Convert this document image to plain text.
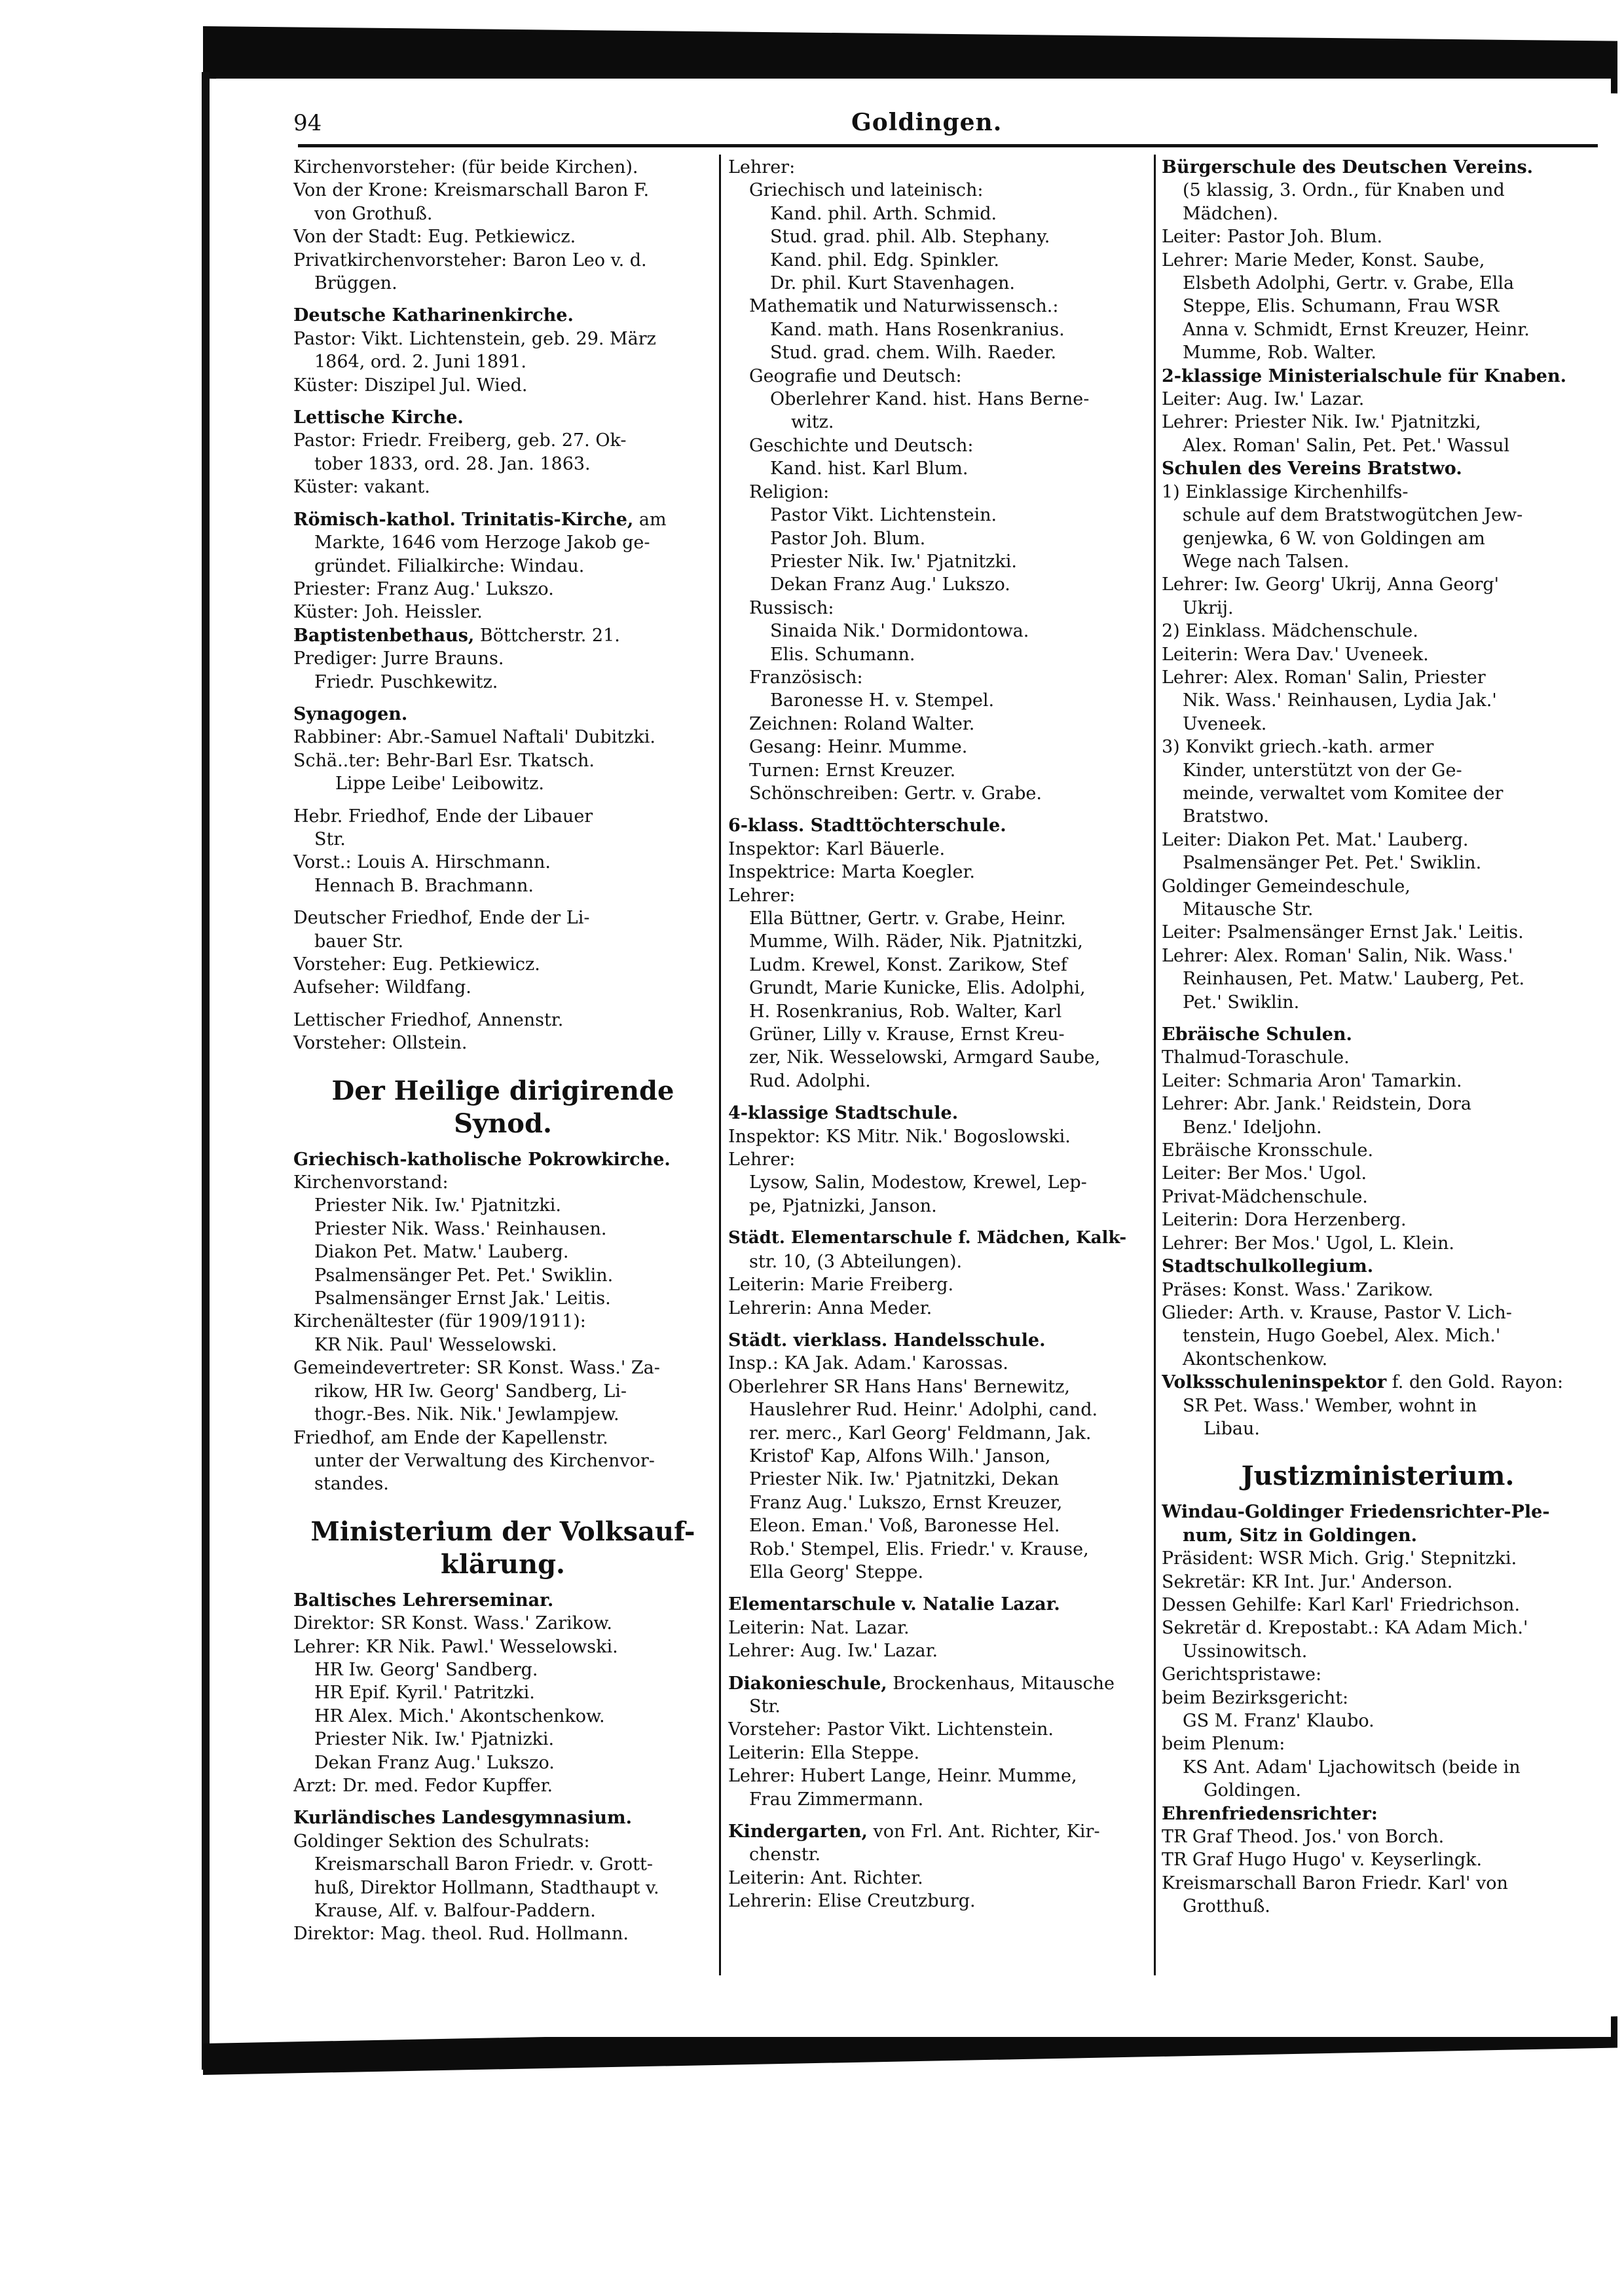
94	Goldingen.
Kirchenvorsteher: (für beide Kirchen).
Von der Krone: Kreismarschall Baron F.
von Grothuß.
Von der Stadt: Eug. Petkiewicz.
Privatkirchenvorsteher: Baron Leo v. d.
Brüggen.
Deutsche Katharinenkirche.
Pastor: Vikt. Lichtenstein, geb. 29. März
1864, ord. 2. Juni 1891.
Küster: Diszipel Jul. Wied.
Lettische Kirche.
Pastor: Friedr. Freiberg, geb. 27. Ok-
tober 1833, ord. 28. Jan. 1863.
Küster: vakant.
Römisch-kathol. Trinitatis-Kirche, am
Markte, 1646 vom Herzoge Jakob ge-
gründet. Filialkirche: Windau.
Priester: Franz Aug.' Lukszo.
Küster: Joh. Heissler.
Baptistenbethaus, Böttcherstr. 21.
Prediger: Jurre Brauns.
Friedr. Puschkewitz.
Synagogen.
Rabbiner: Abr.-Samuel Naftali' Dubitzki.
Schä..ter: Behr-Barl Esr. Tkatsch.
Lippe Leibe' Leibowitz.
Hebr. Friedhof, Ende der Libauer
Str.
Vorst.: Louis A. Hirschmann.
Hennach B. Brachmann.
Deutscher Friedhof, Ende der Li-
bauer Str.
Vorsteher: Eug. Petkiewicz.
Aufseher: Wildfang.
Lettischer Friedhof, Annenstr.
Vorsteher: Ollstein.
Der Heilige dirigirende Synod.
Griechisch-katholische Pokrowkirche.
Kirchenvorstand:
Priester Nik. Iw.' Pjatnitzki.
Priester Nik. Wass.' Reinhausen.
Diakon Pet. Matw.' Lauberg.
Psalmensänger Pet. Pet.' Swiklin.
Psalmensänger Ernst Jak.' Leitis.
Kirchenältester (für 1909/1911):
KR Nik. Paul' Wesselowski.
Gemeindevertreter: SR Konst. Wass.' Za-
rikow, HR Iw. Georg' Sandberg, Li-
thogr.-Bes. Nik. Nik.' Jewlampjew.
Friedhof, am Ende der Kapellenstr.
unter der Verwaltung des Kirchenvor-
standes.
Ministerium der Volksauf-klärung.
Baltisches Lehrerseminar.
Direktor: SR Konst. Wass.' Zarikow.
Lehrer: KR Nik. Pawl.' Wesselowski.
HR Iw. Georg' Sandberg.
HR Epif. Kyril.' Patritzki.
HR Alex. Mich.' Akontschenkow.
Priester Nik. Iw.' Pjatnizki.
Dekan Franz Aug.' Lukszo.
Arzt: Dr. med. Fedor Kupffer.
Kurländisches Landesgymnasium.
Goldinger Sektion des Schulrats:
Kreismarschall Baron Friedr. v. Grott-
huß, Direktor Hollmann, Stadthaupt v.
Krause, Alf. v. Balfour-Paddern.
Direktor: Mag. theol. Rud. Hollmann.
Lehrer:
Griechisch und lateinisch:
Kand. phil. Arth. Schmid.
Stud. grad. phil. Alb. Stephany.
Kand. phil. Edg. Spinkler.
Dr. phil. Kurt Stavenhagen.
Mathematik und Naturwissensch.:
Kand. math. Hans Rosenkranius.
Stud. grad. chem. Wilh. Raeder.
Geografie und Deutsch:
Oberlehrer Kand. hist. Hans Berne-
witz.
Geschichte und Deutsch:
Kand. hist. Karl Blum.
Religion:
Pastor Vikt. Lichtenstein.
Pastor Joh. Blum.
Priester Nik. Iw.' Pjatnitzki.
Dekan Franz Aug.' Lukszo.
Russisch:
Sinaida Nik.' Dormidontowa.
Elis. Schumann.
Französisch:
Baronesse H. v. Stempel.
Zeichnen: Roland Walter.
Gesang: Heinr. Mumme.
Turnen: Ernst Kreuzer.
Schönschreiben: Gertr. v. Grabe.
6-klass. Stadttöchterschule.
Inspektor: Karl Bäuerle.
Inspektrice: Marta Koegler.
Lehrer:
Ella Büttner, Gertr. v. Grabe, Heinr.
Mumme, Wilh. Räder, Nik. Pjatnitzki,
Ludm. Krewel, Konst. Zarikow, Stef
Grundt, Marie Kunicke, Elis. Adolphi,
H. Rosenkranius, Rob. Walter, Karl
Grüner, Lilly v. Krause, Ernst Kreu-
zer, Nik. Wesselowski, Armgard Saube,
Rud. Adolphi.
4-klassige Stadtschule.
Inspektor: KS Mitr. Nik.' Bogoslowski.
Lehrer:
Lysow, Salin, Modestow, Krewel, Lep-
pe, Pjatnizki, Janson.
Städt. Elementarschule f. Mädchen, Kalk-
str. 10, (3 Abteilungen).
Leiterin: Marie Freiberg.
Lehrerin: Anna Meder.
Städt. vierklass. Handelsschule.
Insp.: KA Jak. Adam.' Karossas.
Oberlehrer SR Hans Hans' Bernewitz,
Hauslehrer Rud. Heinr.' Adolphi, cand.
rer. merc., Karl Georg' Feldmann, Jak.
Kristof' Kap, Alfons Wilh.' Janson,
Priester Nik. Iw.' Pjatnitzki, Dekan
Franz Aug.' Lukszo, Ernst Kreuzer,
Eleon. Eman.' Voß, Baronesse Hel.
Rob.' Stempel, Elis. Friedr.' v. Krause,
Ella Georg' Steppe.
Elementarschule v. Natalie Lazar.
Leiterin: Nat. Lazar.
Lehrer: Aug. Iw.' Lazar.
Diakonieschule, Brockenhaus, Mitausche
Str.
Vorsteher: Pastor Vikt. Lichtenstein.
Leiterin: Ella Steppe.
Lehrer: Hubert Lange, Heinr. Mumme,
Frau Zimmermann.
Kindergarten, von Frl. Ant. Richter, Kir-
chenstr.
Leiterin: Ant. Richter.
Lehrerin: Elise Creutzburg.
Bürgerschule des Deutschen Vereins.
(5 klassig, 3. Ordn., für Knaben und
Mädchen).
Leiter: Pastor Joh. Blum.
Lehrer: Marie Meder, Konst. Saube,
Elsbeth Adolphi, Gertr. v. Grabe, Ella
Steppe, Elis. Schumann, Frau WSR
Anna v. Schmidt, Ernst Kreuzer, Heinr.
Mumme, Rob. Walter.
2-klassige Ministerialschule für Knaben.
Leiter: Aug. Iw.' Lazar.
Lehrer: Priester Nik. Iw.' Pjatnitzki,
Alex. Roman' Salin, Pet. Pet.' Wassul
Schulen des Vereins Bratstwo.
1) Einklassige Kirchenhilfs-
schule auf dem Bratstwogütchen Jew-
genjewka, 6 W. von Goldingen am
Wege nach Talsen.
Lehrer: Iw. Georg' Ukrij, Anna Georg'
Ukrij.
2) Einklass. Mädchenschule.
Leiterin: Wera Dav.' Uveneek.
Lehrer: Alex. Roman' Salin, Priester
Nik. Wass.' Reinhausen, Lydia Jak.'
Uveneek.
3) Konvikt griech.-kath. armer
Kinder, unterstützt von der Ge-
meinde, verwaltet vom Komitee der
Bratstwo.
Leiter: Diakon Pet. Mat.' Lauberg.
Psalmensänger Pet. Pet.' Swiklin.
Goldinger Gemeindeschule,
Mitausche Str.
Leiter: Psalmensänger Ernst Jak.' Leitis.
Lehrer: Alex. Roman' Salin, Nik. Wass.'
Reinhausen, Pet. Matw.' Lauberg, Pet.
Pet.' Swiklin.
Ebräische Schulen.
Thalmud-Toraschule.
Leiter: Schmaria Aron' Tamarkin.
Lehrer: Abr. Jank.' Reidstein, Dora
Benz.' Ideljohn.
Ebräische Kronsschule.
Leiter: Ber Mos.' Ugol.
Privat-Mädchenschule.
Leiterin: Dora Herzenberg.
Lehrer: Ber Mos.' Ugol, L. Klein.
Stadtschulkollegium.
Präses: Konst. Wass.' Zarikow.
Glieder: Arth. v. Krause, Pastor V. Lich-
tenstein, Hugo Goebel, Alex. Mich.'
Akontschenkow.
Volksschuleninspektor f. den Gold. Rayon:
SR Pet. Wass.' Wember, wohnt in
Libau.
Justizministerium.
Windau-Goldinger Friedensrichter-Ple-
num, Sitz in Goldingen.
Präsident: WSR Mich. Grig.' Stepnitzki.
Sekretär: KR Int. Jur.' Anderson.
Dessen Gehilfe: Karl Karl' Friedrichson.
Sekretär d. Krepostabt.: KA Adam Mich.'
Ussinowitsch.
Gerichtspristawe:
beim Bezirksgericht:
GS M. Franz' Klaubo.
beim Plenum:
KS Ant. Adam' Ljachowitsch (beide in
Goldingen.
Ehrenfriedensrichter:
TR Graf Theod. Jos.' von Borch.
TR Graf Hugo Hugo' v. Keyserlingk.
Kreismarschall Baron Friedr. Karl' von
Grotthuß.
